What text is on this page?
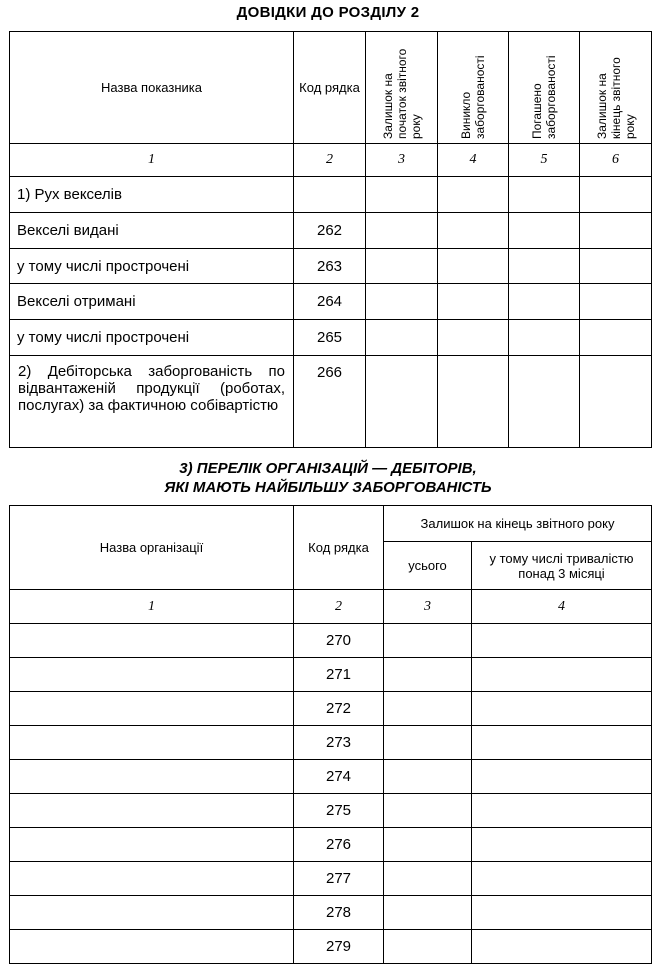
ДОВІДКИ ДО РОЗДІЛУ 2
Назва показника	Код рядка	Залишок на початок звітного року	Виникло заборгованості	Погашено заборгованості	Залишок на кінець звітного року

1	2	3	4	5	6
1) Рух векселів					
Векселі видані	262				
у тому числі прострочені	263				
Векселі отримані	264				
у тому числі прострочені	265				
2) Дебіторська заборгованість по відвантаженій продукції (роботах, послугах) за фактичною собівартістю	266				
3) ПЕРЕЛІК ОРГАНІЗАЦІЙ — ДЕБІТОРІВ,
ЯКІ МАЮТЬ НАЙБІЛЬШУ ЗАБОРГОВАНІСТЬ
Назва організації	Код рядка	Залишок на кінець звітного року	
		усього	у тому числі тривалістю понад 3 місяці
1	2	3	4
	270		
	271		
	272		
	273		
	274		
	275		
	276		
	277		
	278		
	279		
